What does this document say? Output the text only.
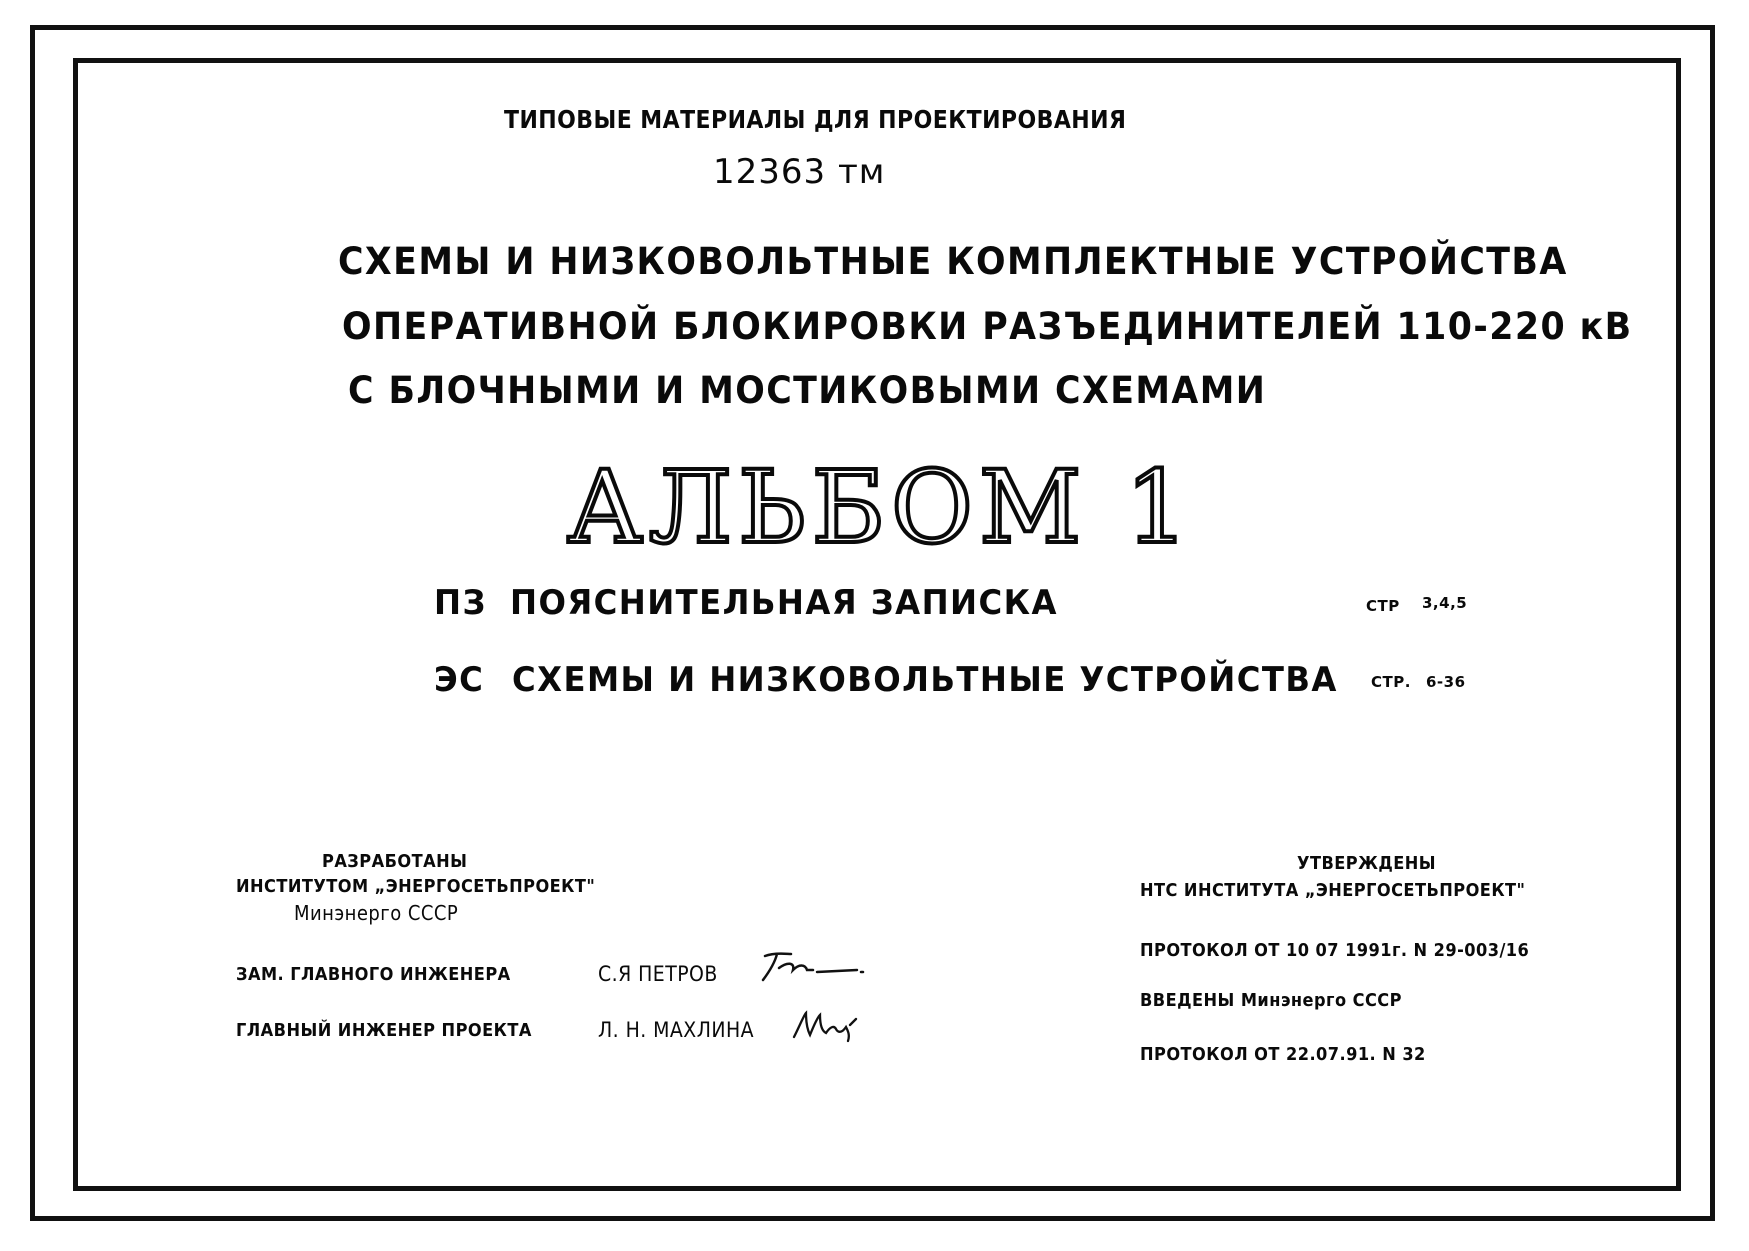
ТИПОВЫЕ МАТЕРИАЛЫ ДЛЯ ПРОЕКТИРОВАНИЯ

12363 тм

СХЕМЫ И НИЗКОВОЛЬТНЫЕ КОМПЛЕКТНЫЕ УСТРОЙСТВА

ОПЕРАТИВНОЙ БЛОКИРОВКИ РАЗЪЕДИНИТЕЛЕЙ 110-220 кВ

С БЛОЧНЫМИ И МОСТИКОВЫМИ СХЕМАМИ

АЛЬБОМ 1

ПЗ ПОЯСНИТЕЛЬНАЯ ЗАПИСКА	СТР 3,4,5

ЭС СХЕМЫ И НИЗКОВОЛЬТНЫЕ УСТРОЙСТВА СТР. 6-36

РАЗРАБОТАНЫ

ИНСТИТУТОМ „ЭНЕРГОСЕТЬПРОЕКТ"

Минэнерго СССР

ЗАМ. ГЛАВНОГО ИНЖЕНЕРА	С.Я ПЕТРОВ

ГЛАВНЫЙ ИНЖЕНЕР ПРОЕКТА	Л. Н. МАХЛИНА

УТВЕРЖДЕНЫ

НТС ИНСТИТУТА „ЭНЕРГОСЕТЬПРОЕКТ"

ПРОТОКОЛ ОТ 10 07 1991г. N 29-003/16

ВВЕДЕНЫ Минэнерго СССР

ПРОТОКОЛ ОТ 22.07.91. N 32
